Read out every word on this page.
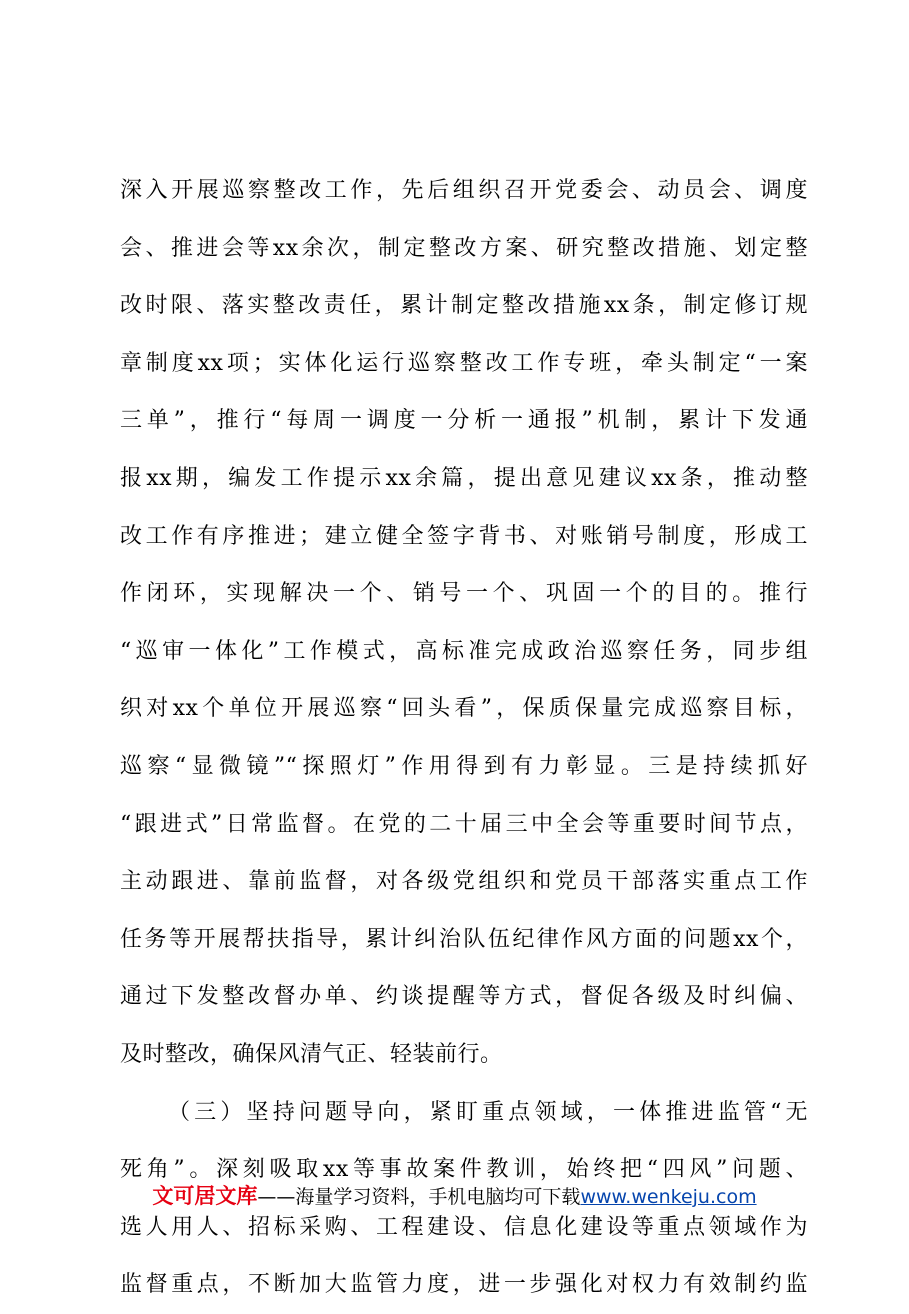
深入开展巡察整改工作，先后组织召开党委会、动员会、调度
会、推进会等xx余次，制定整改方案、研究整改措施、划定整
改时限、落实整改责任，累计制定整改措施xx条，制定修订规
章制度xx项；实体化运行巡察整改工作专班，牵头制定“一案
三单”，推行“每周一调度一分析一通报”机制，累计下发通
报xx期，编发工作提示xx余篇，提出意见建议xx条，推动整
改工作有序推进；建立健全签字背书、对账销号制度，形成工
作闭环，实现解决一个、销号一个、巩固一个的目的。推行
“巡审一体化”工作模式，高标准完成政治巡察任务，同步组
织对xx个单位开展巡察“回头看”，保质保量完成巡察目标，
巡察“显微镜”“探照灯”作用得到有力彰显。三是持续抓好
“跟进式”日常监督。在党的二十届三中全会等重要时间节点，
主动跟进、靠前监督，对各级党组织和党员干部落实重点工作
任务等开展帮扶指导，累计纠治队伍纪律作风方面的问题xx个，
通过下发整改督办单、约谈提醒等方式，督促各级及时纠偏、
及时整改，确保风清气正、轻装前行。
（三）坚持问题导向，紧盯重点领域，一体推进监管“无
死角”。深刻吸取xx等事故案件教训，始终把“四风”问题、
选人用人、招标采购、工程建设、信息化建设等重点领域作为
监督重点，不断加大监管力度，进一步强化对权力有效制约监
文可居文库——海量学习资料，手机电脑均可下载www.wenkeju.com
